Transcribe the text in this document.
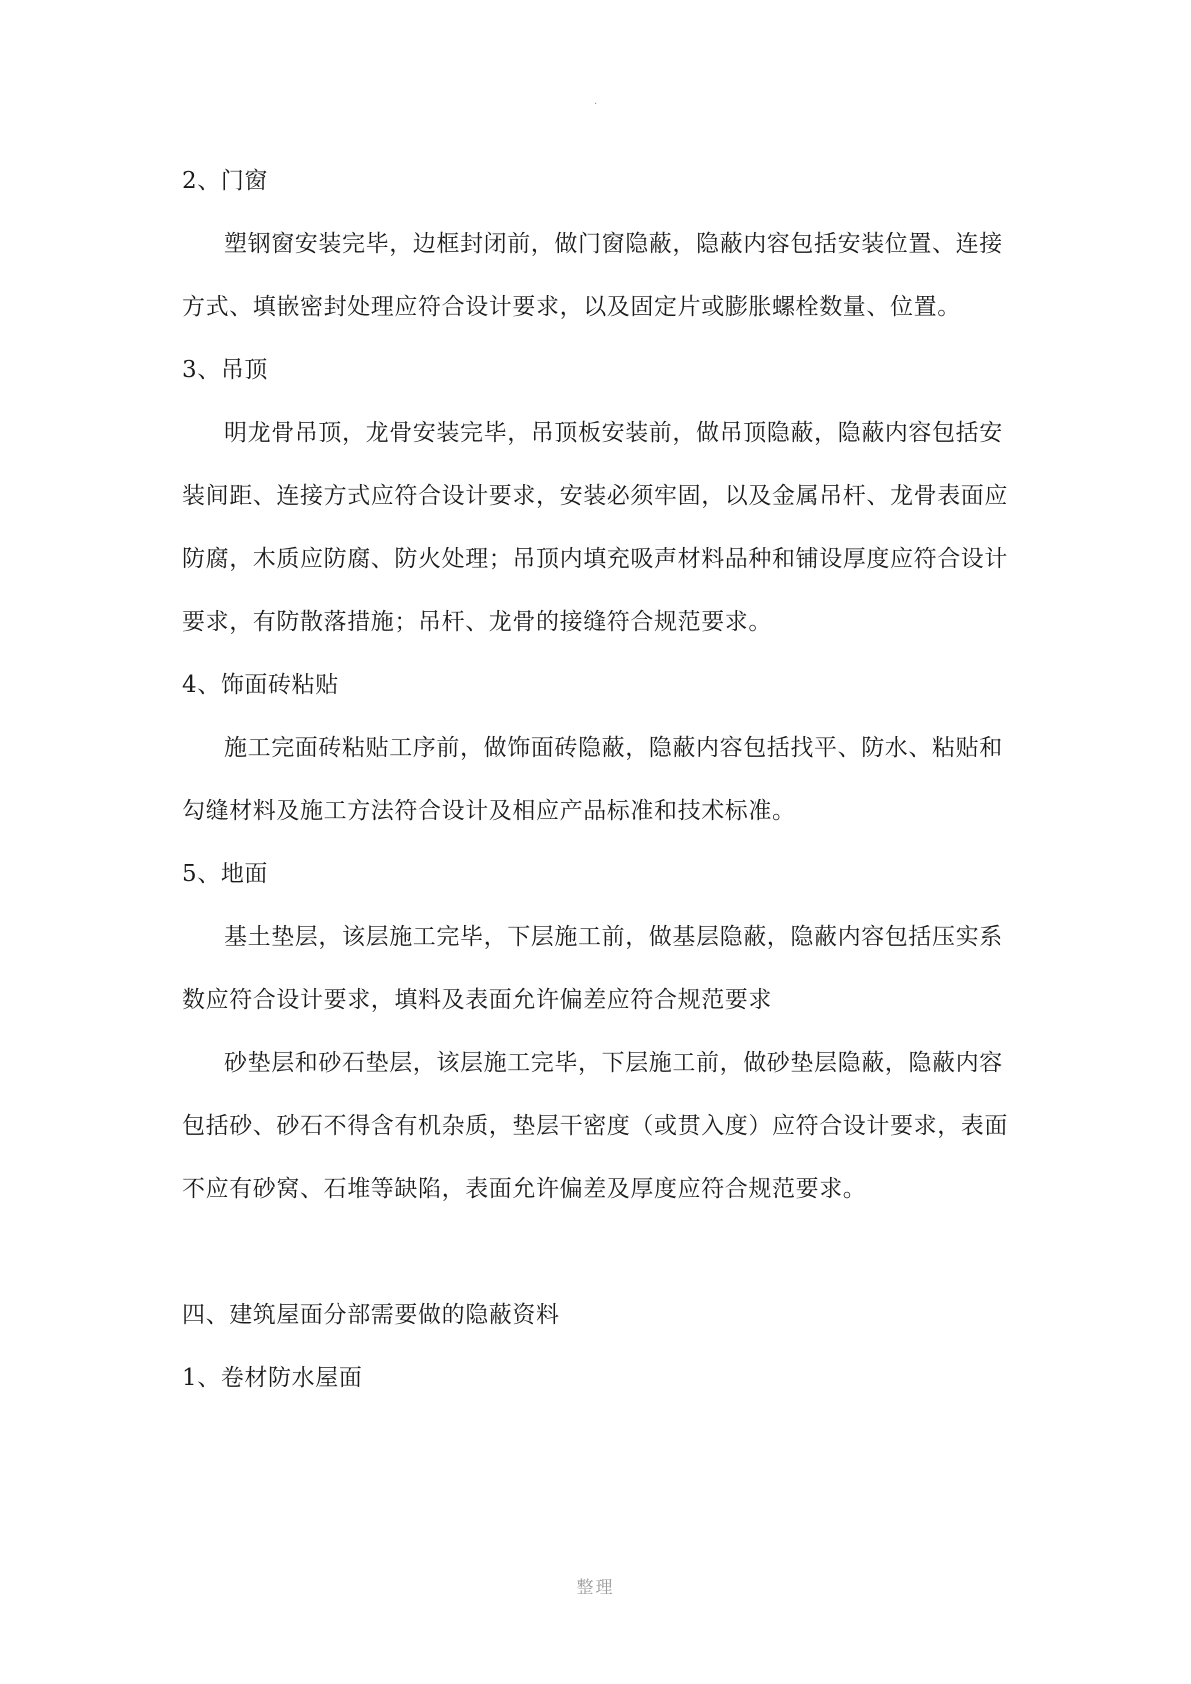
.

2、门窗

塑钢窗安装完毕，边框封闭前，做门窗隐蔽，隐蔽内容包括安装位置、连接

方式、填嵌密封处理应符合设计要求，以及固定片或膨胀螺栓数量、位置。

3、吊顶

明龙骨吊顶，龙骨安装完毕，吊顶板安装前，做吊顶隐蔽，隐蔽内容包括安

装间距、连接方式应符合设计要求，安装必须牢固，以及金属吊杆、龙骨表面应

防腐，木质应防腐、防火处理；吊顶内填充吸声材料品种和铺设厚度应符合设计

要求，有防散落措施；吊杆、龙骨的接缝符合规范要求。

4、饰面砖粘贴

施工完面砖粘贴工序前，做饰面砖隐蔽，隐蔽内容包括找平、防水、粘贴和

勾缝材料及施工方法符合设计及相应产品标准和技术标准。

5、地面

基土垫层，该层施工完毕，下层施工前，做基层隐蔽，隐蔽内容包括压实系

数应符合设计要求，填料及表面允许偏差应符合规范要求

砂垫层和砂石垫层，该层施工完毕，下层施工前，做砂垫层隐蔽，隐蔽内容

包括砂、砂石不得含有机杂质，垫层干密度（或贯入度）应符合设计要求，表面

不应有砂窝、石堆等缺陷，表面允许偏差及厚度应符合规范要求。

四、建筑屋面分部需要做的隐蔽资料

1、卷材防水屋面

整理
